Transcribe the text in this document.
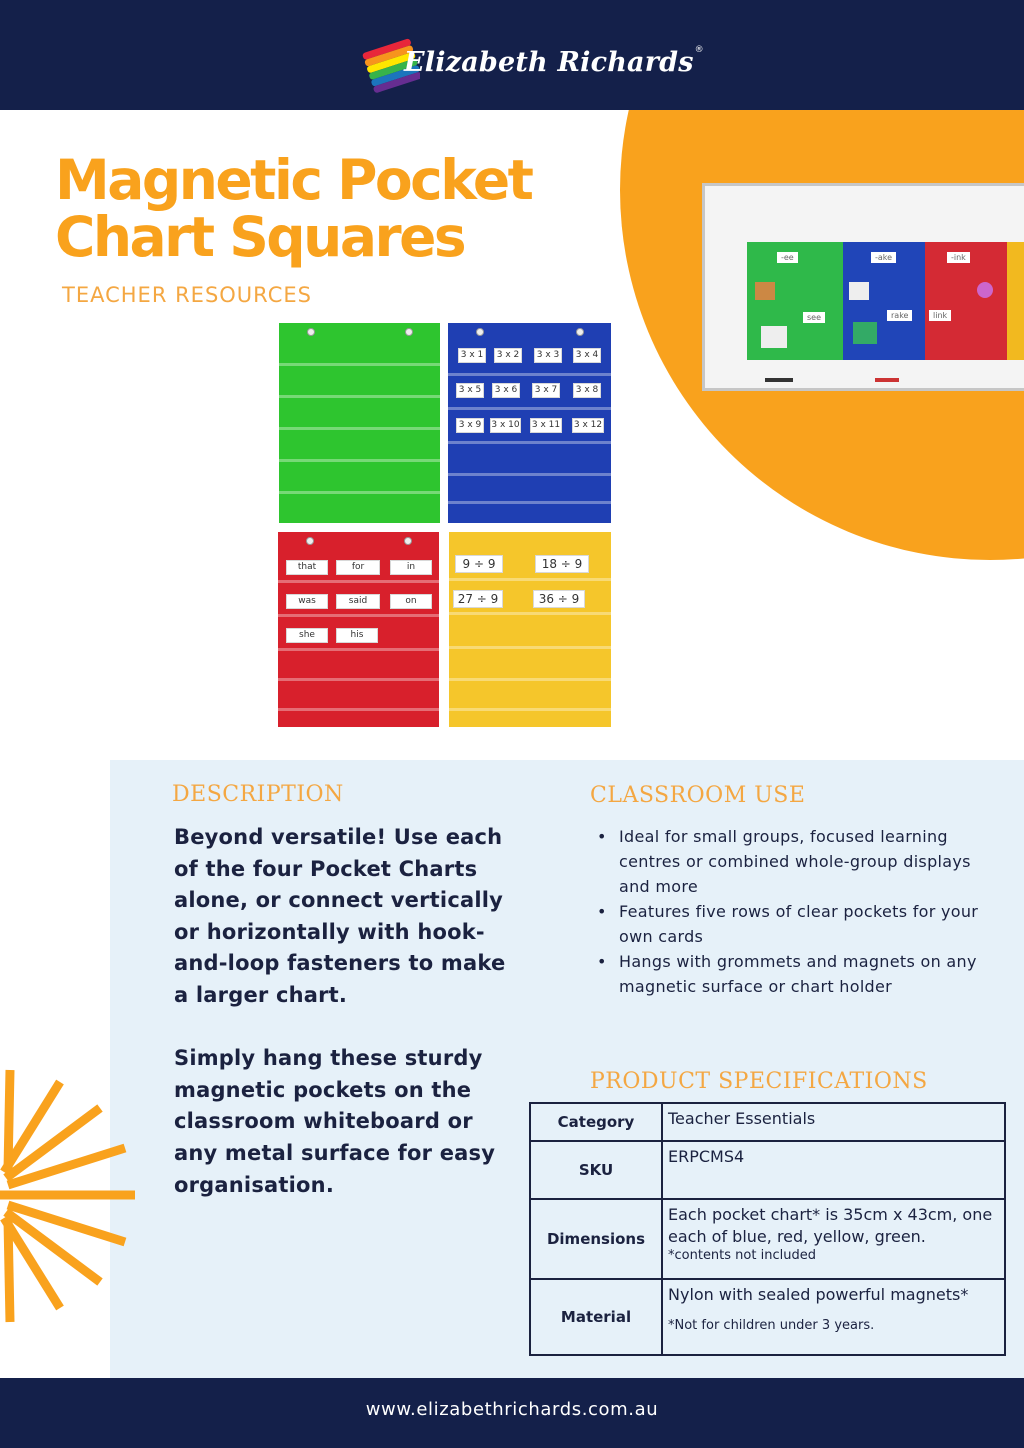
Elizabeth Richards ®
Magnetic Pocket
Chart Squares
TEACHER RESOURCES
3 x 1	3 x 2	3 x 3	3 x 4
3 x 5	3 x 6	3 x 7	3 x 8
3 x 9	3 x 10 3 x 11 3 x 12
that	for	in
was	said	on
she	his
9 ÷ 9	18 ÷ 9
27 ÷ 9	36 ÷ 9
-ee
see
-ake
rake
-ink
link
DESCRIPTION

Beyond versatile! Use each of the four Pocket Charts alone, or connect vertically or horizontally with hook-and-loop fasteners to make a larger chart.

Simply hang these sturdy magnetic pockets on the classroom whiteboard or any metal surface for easy organisation.

CLASSROOM USE
• Ideal for small groups, focused learning centres or combined whole-group displays and more
• Features five rows of clear pockets for your own cards
• Hangs with grommets and magnets on any magnetic surface or chart holder
PRODUCT SPECIFICATIONS
Category	Teacher Essentials
SKU	ERPCMS4
Dimensions	Each pocket chart* is 35cm x 43cm, one each of blue, red, yellow, green.
*contents not included

Material	Nylon with sealed powerful magnets*
*Not for children under 3 years.
www.elizabethrichards.com.au
